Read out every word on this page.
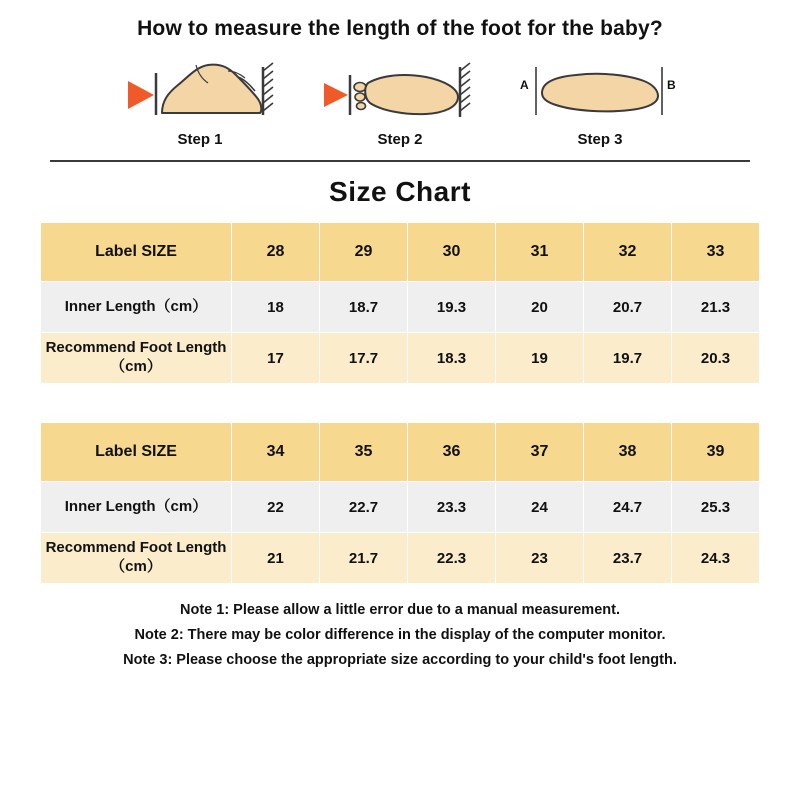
How to measure the length of the foot for the baby?
Step 1	Step 2
A	B
Step 3
Size Chart
Label SIZE	28	29	30	31	32	33
Inner Length（cm）	18	18.7	19.3	20	20.7	21.3
Recommend Foot Length（cm）	17	17.7	18.3	19	19.7	20.3
Label SIZE	34	35	36	37	38	39
Inner Length（cm）	22	22.7	23.3	24	24.7	25.3
Recommend Foot Length（cm）	21	21.7	22.3	23	23.7	24.3
Note 1: Please allow a little error due to a manual measurement.
Note 2: There may be color difference in the display of the computer monitor.
Note 3: Please choose the appropriate size according to your child's foot length.
